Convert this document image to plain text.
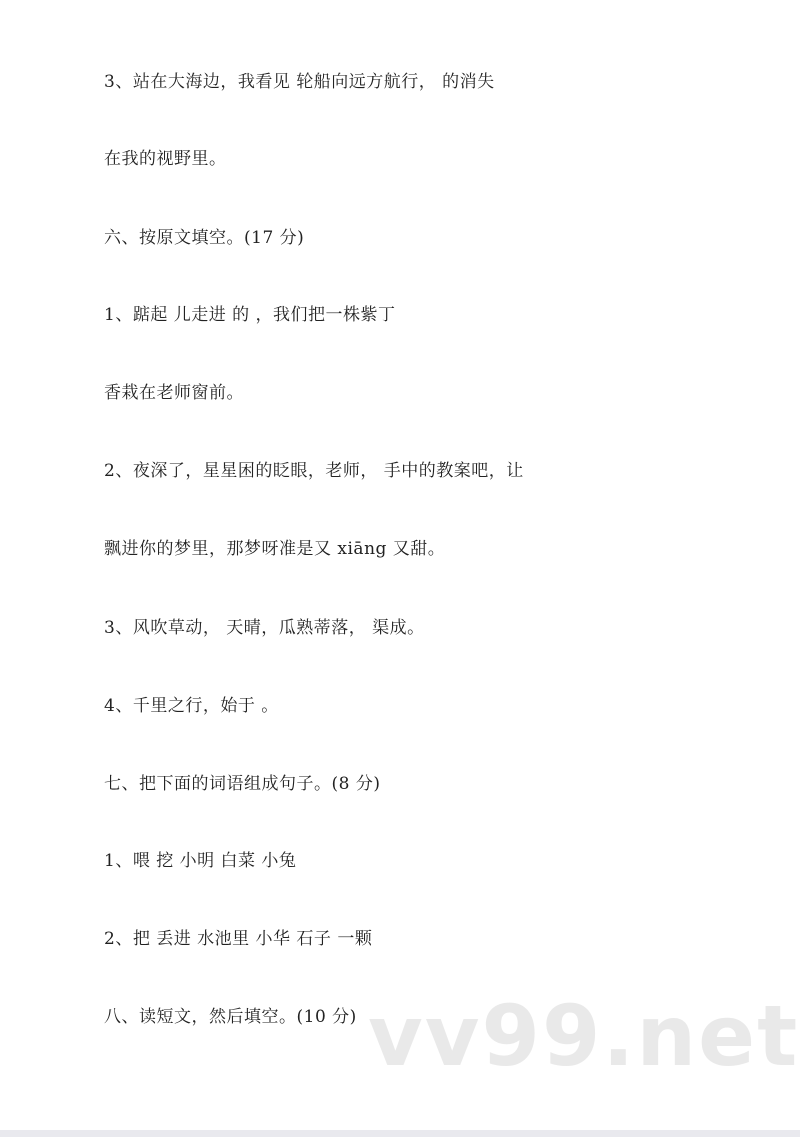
3、站在大海边，我看见 轮船向远方航行， 的消失
在我的视野里。
六、按原文填空。(17 分)
1、踮起 儿走进 的 ，我们把一株紫丁
香栽在老师窗前。
2、夜深了，星星困的眨眼，老师， 手中的教案吧，让
飘进你的梦里，那梦呀准是又 xiāng 又甜。
3、风吹草动， 天晴，瓜熟蒂落， 渠成。
4、千里之行，始于 。
七、把下面的词语组成句子。(8 分)
1、喂 挖 小明 白菜 小兔
2、把 丢进 水池里 小华 石子 一颗
八、读短文，然后填空。(10 分) vv99.net
